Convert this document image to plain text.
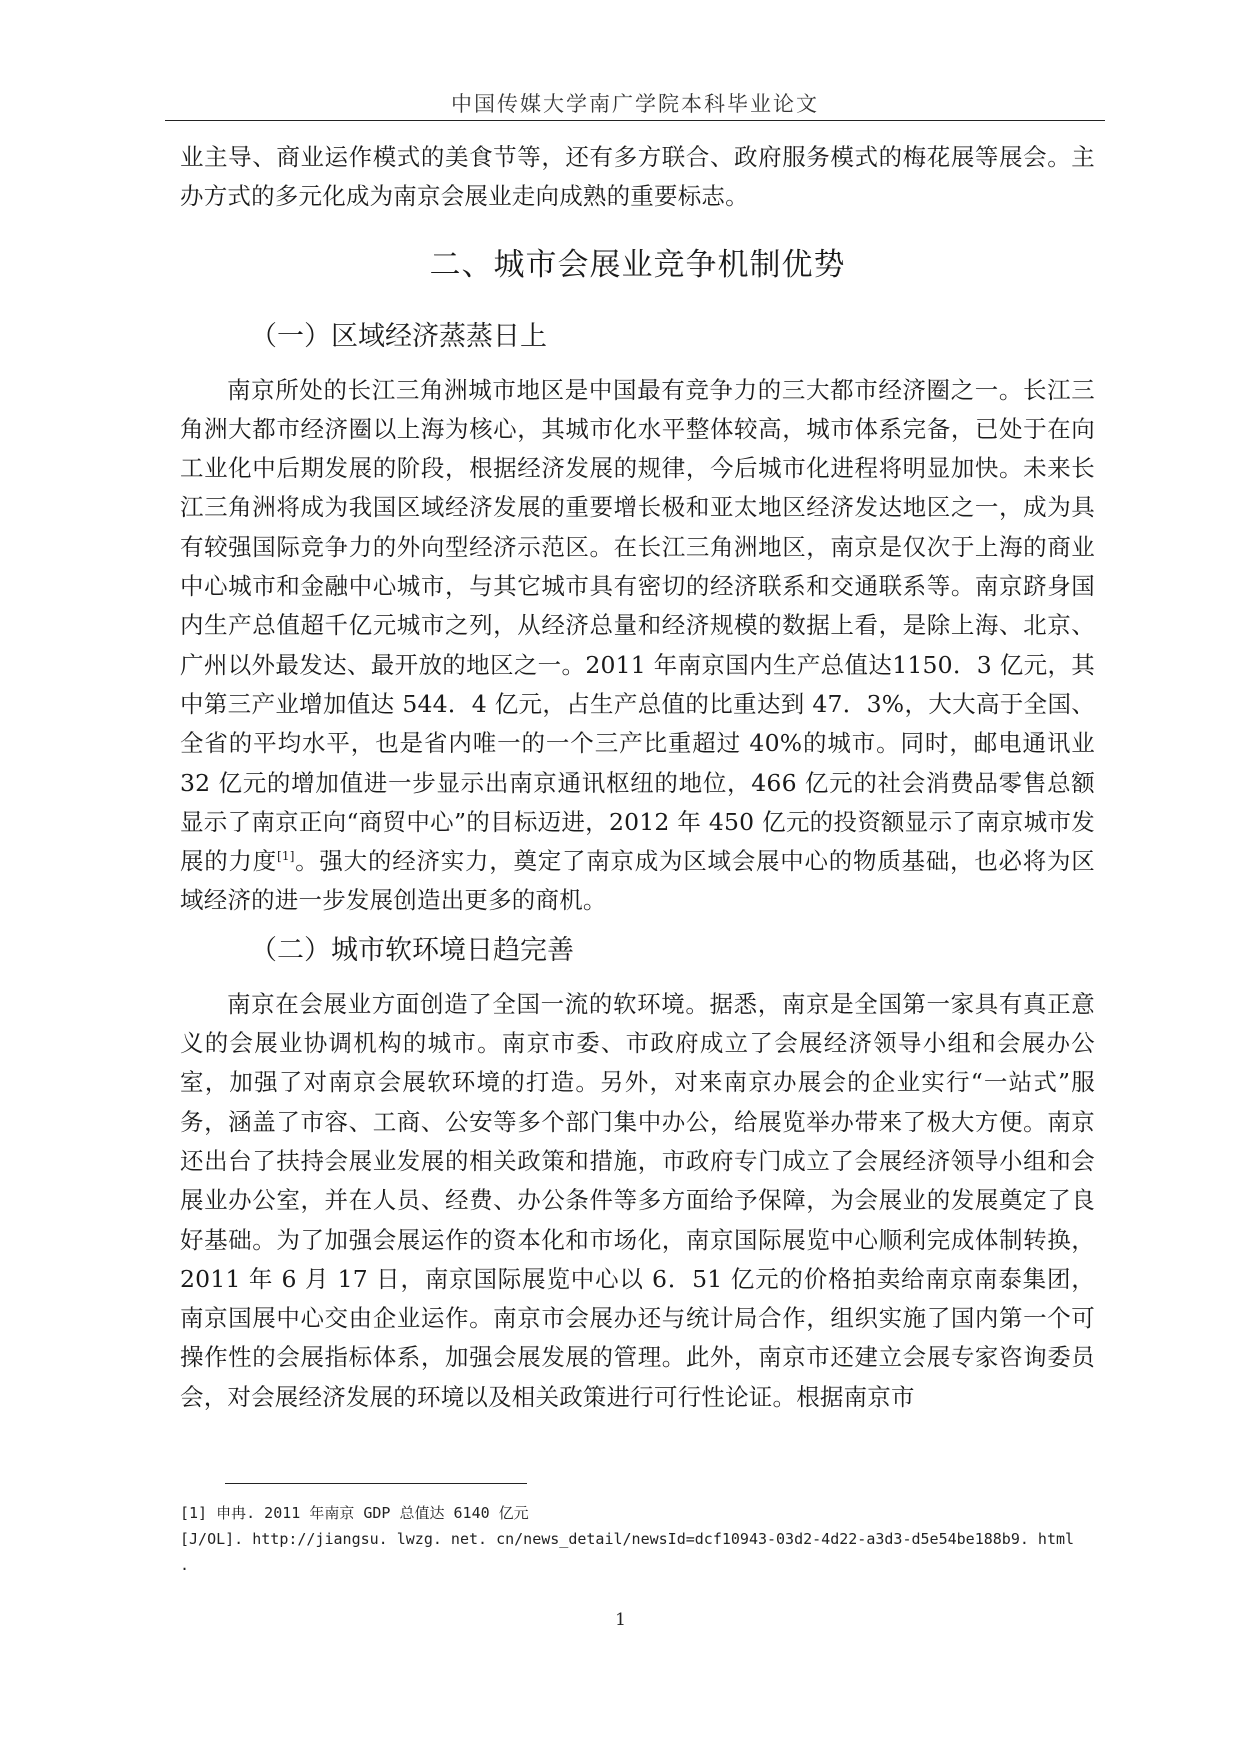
中国传媒大学南广学院本科毕业论文

业主导、商业运作模式的美食节等，还有多方联合、政府服务模式的梅花展等展会。主办方式的多元化成为南京会展业走向成熟的重要标志。

二、城市会展业竞争机制优势
（一）区域经济蒸蒸日上

南京所处的长江三角洲城市地区是中国最有竞争力的三大都市经济圈之一。长江三角洲大都市经济圈以上海为核心，其城市化水平整体较高，城市体系完备，已处于在向工业化中后期发展的阶段，根据经济发展的规律，今后城市化进程将明显加快。未来长江三角洲将成为我国区域经济发展的重要增长极和亚太地区经济发达地区之一，成为具有较强国际竞争力的外向型经济示范区。在长江三角洲地区，南京是仅次于上海的商业中心城市和金融中心城市，与其它城市具有密切的经济联系和交通联系等。南京跻身国内生产总值超千亿元城市之列，从经济总量和经济规模的数据上看，是除上海、北京、广州以外最发达、最开放的地区之一。2011 年南京国内生产总值达1150．3 亿元，其中第三产业增加值达 544．4 亿元，占生产总值的比重达到 47．3%，大大高于全国、全省的平均水平，也是省内唯一的一个三产比重超过 40%的城市。同时，邮电通讯业 32 亿元的增加值进一步显示出南京通讯枢纽的地位，466 亿元的社会消费品零售总额显示了南京正向“商贸中心”的目标迈进，2012 年 450 亿元的投资额显示了南京城市发展的力度[1]。强大的经济实力，奠定了南京成为区域会展中心的物质基础，也必将为区域经济的进一步发展创造出更多的商机。

（二）城市软环境日趋完善

南京在会展业方面创造了全国一流的软环境。据悉，南京是全国第一家具有真正意义的会展业协调机构的城市。南京市委、市政府成立了会展经济领导小组和会展办公室，加强了对南京会展软环境的打造。另外，对来南京办展会的企业实行“一站式”服务，涵盖了市容、工商、公安等多个部门集中办公，给展览举办带来了极大方便。南京还出台了扶持会展业发展的相关政策和措施，市政府专门成立了会展经济领导小组和会展业办公室，并在人员、经费、办公条件等多方面给予保障，为会展业的发展奠定了良好基础。为了加强会展运作的资本化和市场化，南京国际展览中心顺利完成体制转换，2011 年 6 月 17 日，南京国际展览中心以 6．51 亿元的价格拍卖给南京南泰集团，南京国展中心交由企业运作。南京市会展办还与统计局合作，组织实施了国内第一个可操作性的会展指标体系，加强会展发展的管理。此外，南京市还建立会展专家咨询委员会，对会展经济发展的环境以及相关政策进行可行性论证。根据南京市

[1] 申冉. 2011 年南京 GDP 总值达 6140 亿元
[J/OL]. http://jiangsu. lwzg. net. cn/news_detail/newsId=dcf10943-03d2-4d22-a3d3-d5e54be188b9. html
.
1
